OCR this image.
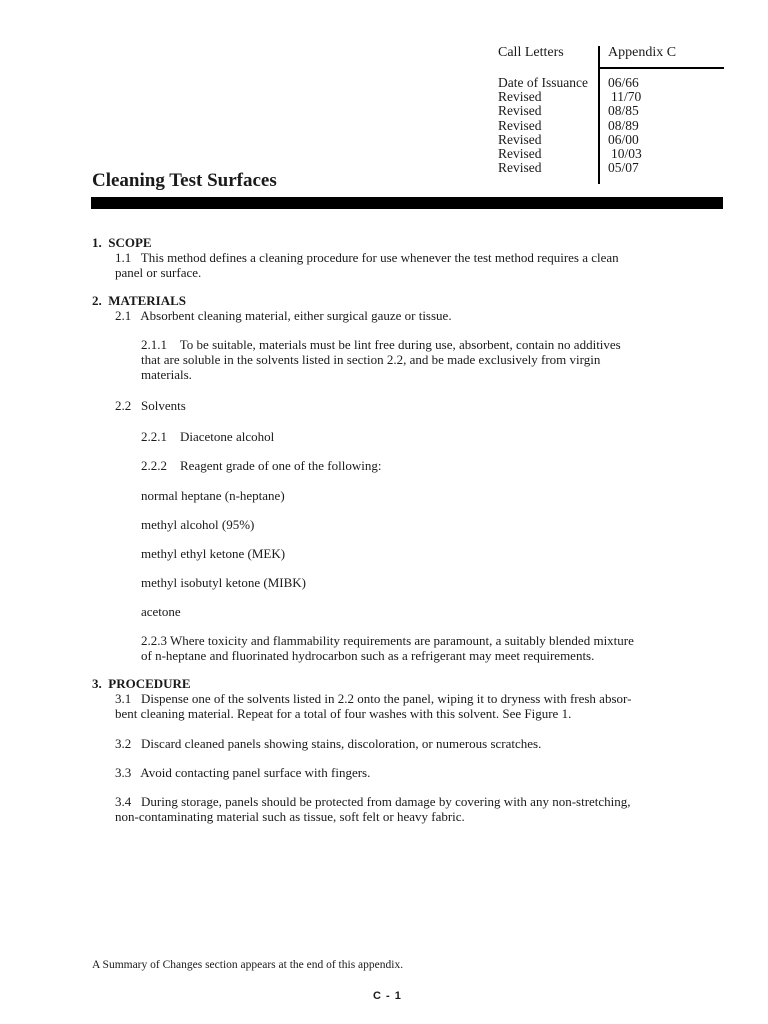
Call Letters	Appendix C
Date of Issuance
Revised
Revised
Revised
Revised
Revised
Revised
06/66
11/70
08/85
08/89
06/00
10/03
05/07
Cleaning Test Surfaces
1.  SCOPE
1.1   This method defines a cleaning procedure for use whenever the test method requires a clean
panel or surface.
2.  MATERIALS
2.1   Absorbent cleaning material, either surgical gauze or tissue.
2.1.1    To be suitable, materials must be lint free during use, absorbent, contain no additives
that are soluble in the solvents listed in section 2.2, and be made exclusively from virgin
materials.
2.2   Solvents
2.2.1    Diacetone alcohol
2.2.2    Reagent grade of one of the following:
normal heptane (n-heptane)
methyl alcohol (95%)
methyl ethyl ketone (MEK)
methyl isobutyl ketone (MIBK)
acetone
2.2.3 Where toxicity and flammability requirements are paramount, a suitably blended mixture
of n-heptane and fluorinated hydrocarbon such as a refrigerant may meet requirements.
3.  PROCEDURE
3.1   Dispense one of the solvents listed in 2.2 onto the panel, wiping it to dryness with fresh absor-
bent cleaning material. Repeat for a total of four washes with this solvent. See Figure 1.
3.2   Discard cleaned panels showing stains, discoloration, or numerous scratches.
3.3   Avoid contacting panel surface with fingers.
3.4   During storage, panels should be protected from damage by covering with any non-stretching,
non-contaminating material such as tissue, soft felt or heavy fabric.
A Summary of Changes section appears at the end of this appendix.
C - 1
